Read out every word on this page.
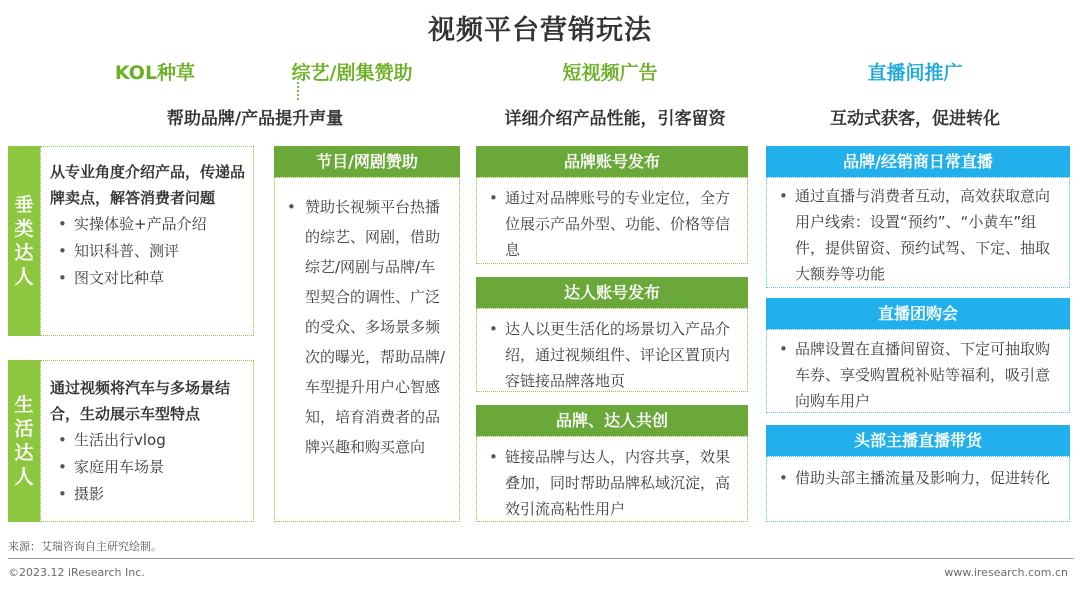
视频平台营销玩法
KOL种草	综艺/剧集赞助	短视频广告	直播间推广
帮助品牌/产品提升声量	详细介绍产品性能，引客留资	互动式获客，促进转化
垂类达人
从专业角度介绍产品，传递品牌卖点，解答消费者问题
• 实操体验+产品介绍
• 知识科普、测评
• 图文对比种草
生活达人
通过视频将汽车与多场景结合，生动展示车型特点
• 生活出行vlog
• 家庭用车场景
• 摄影
节目/网剧赞助
• 赞助长视频平台热播的综艺、网剧，借助综艺/网剧与品牌/车型契合的调性、广泛的受众、多场景多频次的曝光，帮助品牌/车型提升用户心智感知，培育消费者的品牌兴趣和购买意向
品牌账号发布
• 通过对品牌账号的专业定位，全方位展示产品外型、功能、价格等信息
达人账号发布
• 达人以更生活化的场景切入产品介绍，通过视频组件、评论区置顶内容链接品牌落地页
品牌、达人共创
• 链接品牌与达人，内容共享，效果叠加，同时帮助品牌私域沉淀，高效引流高粘性用户
品牌/经销商日常直播
• 通过直播与消费者互动，高效获取意向用户线索：设置“预约”、“小黄车”组件，提供留资、预约试驾、下定、抽取大额券等功能
直播团购会
• 品牌设置在直播间留资、下定可抽取购车券、享受购置税补贴等福利，吸引意向购车用户
头部主播直播带货
• 借助头部主播流量及影响力，促进转化
来源：艾瑞咨询自主研究绘制。
©2023.12 iResearch Inc.	www.iresearch.com.cn
